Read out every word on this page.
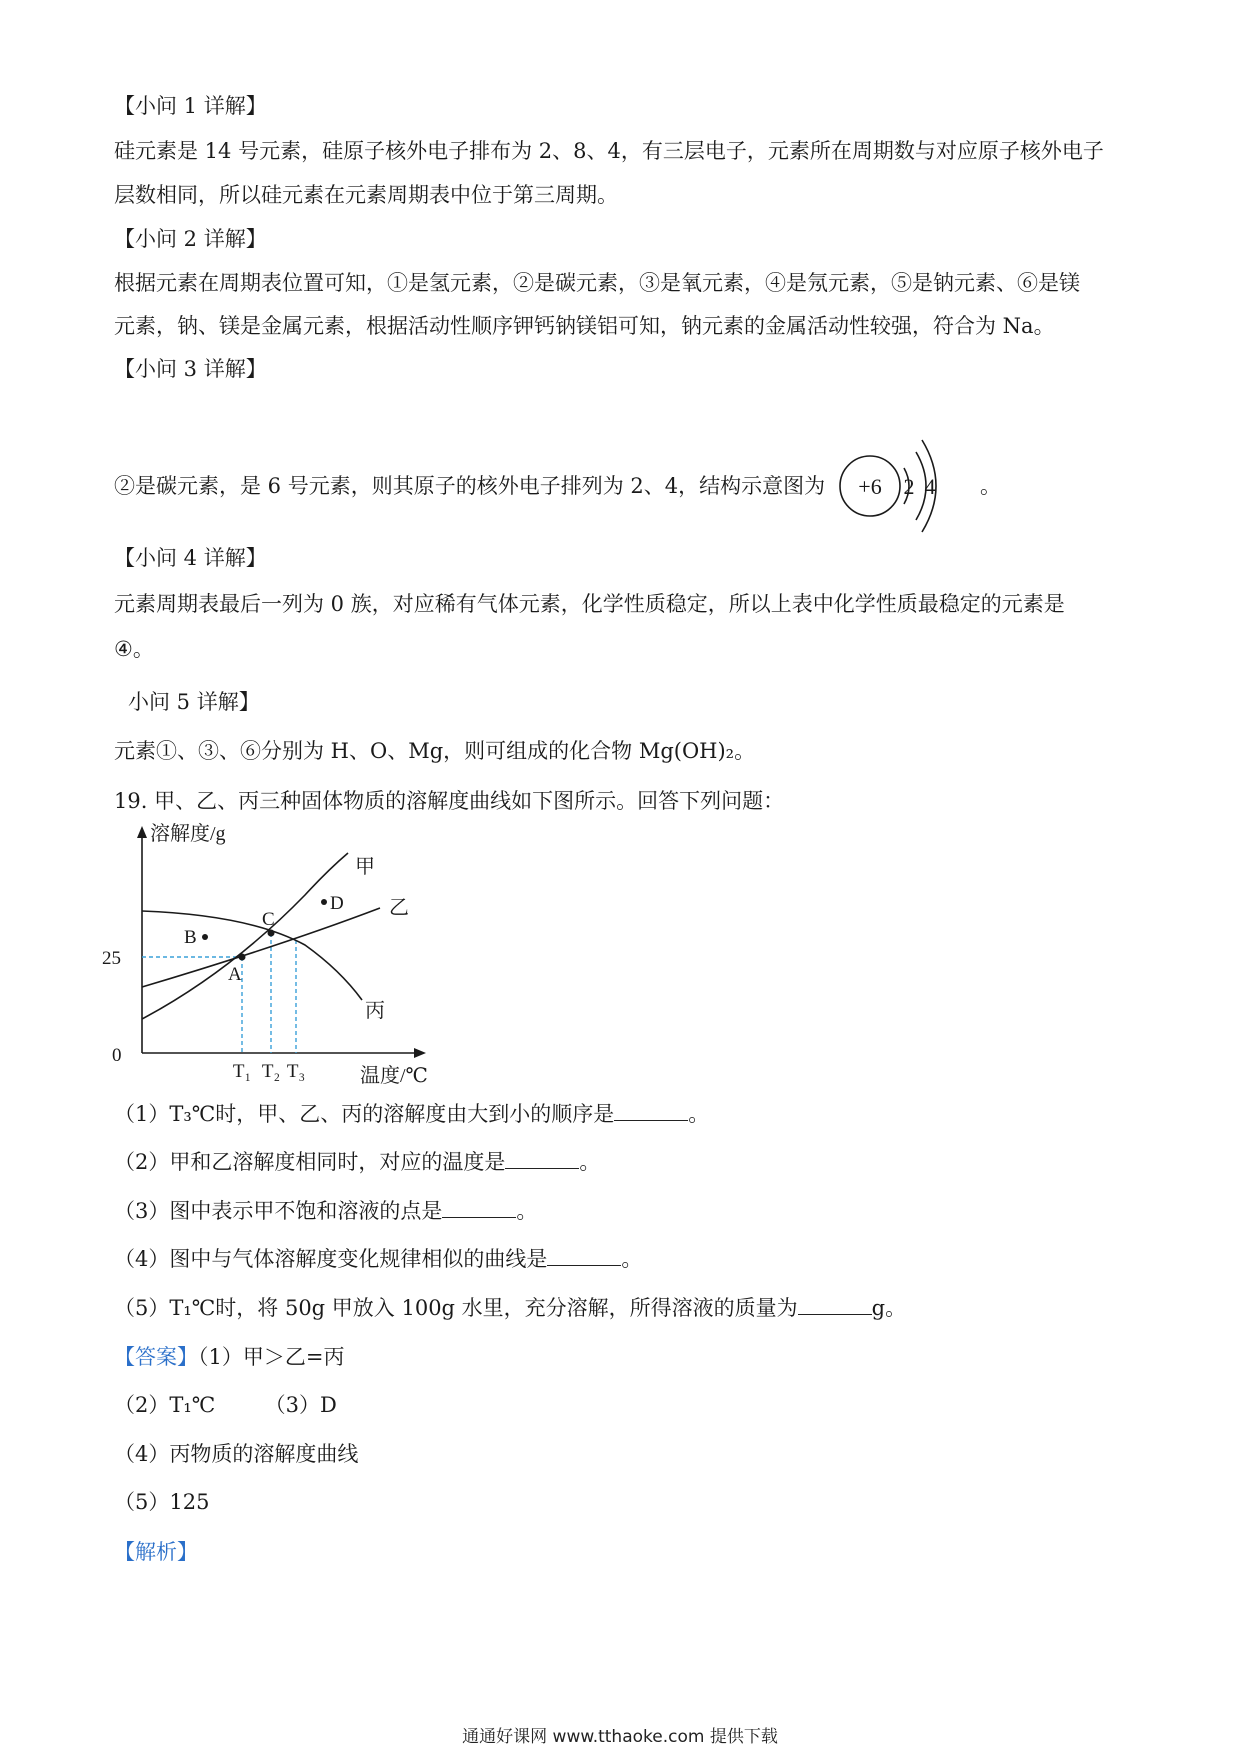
【小问 1 详解】
硅元素是 14 号元素，硅原子核外电子排布为 2、8、4，有三层电子，元素所在周期数与对应原子核外电子
层数相同，所以硅元素在元素周期表中位于第三周期。
【小问 2 详解】
根据元素在周期表位置可知，①是氢元素，②是碳元素，③是氧元素，④是氖元素，⑤是钠元素、⑥是镁
元素，钠、镁是金属元素，根据活动性顺序钾钙钠镁铝可知，钠元素的金属活动性较强，符合为 Na。
【小问 3 详解】
②是碳元素，是 6 号元素，则其原子的核外电子排列为 2、4，结构示意图为 +6 2 4 。
【小问 4 详解】
元素周期表最后一列为 0 族，对应稀有气体元素，化学性质稳定，所以上表中化学性质最稳定的元素是
④。
小问 5 详解】
元素①、③、⑥分别为 H、O、Mg，则可组成的化合物 Mg(OH)₂。
19. 甲、乙、丙三种固体物质的溶解度曲线如下图所示。回答下列问题：
溶解度/g
温度/℃
0
25
T₁ T₂ T₃
甲
乙
丙
A
B
C
D
（1）T₃℃时，甲、乙、丙的溶解度由大到小的顺序是	。
（2）甲和乙溶解度相同时，对应的温度是	。
（3）图中表示甲不饱和溶液的点是	。
（4）图中与气体溶解度变化规律相似的曲线是	。
（5）T₁℃时，将 50g 甲放入 100g 水里，充分溶解，所得溶液的质量为	g。
【答案】（1）甲＞乙=丙
（2）T₁℃ （3）D
（4）丙物质的溶解度曲线
（5）125
【解析】
通通好课网 www.tthaoke.com 提供下载
